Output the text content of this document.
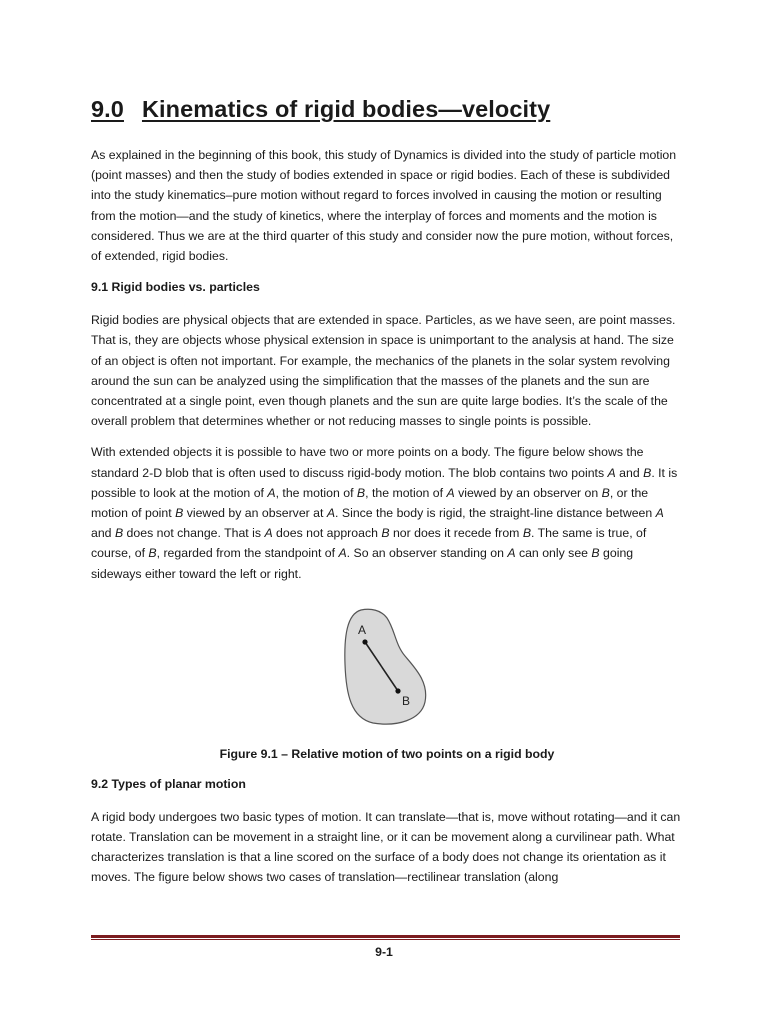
9.0 Kinematics of rigid bodies—velocity

As explained in the beginning of this book, this study of Dynamics is divided into the study of particle motion (point masses) and then the study of bodies extended in space or rigid bodies. Each of these is subdivided into the study kinematics–pure motion without regard to forces involved in causing the motion or resulting from the motion—and the study of kinetics, where the interplay of forces and moments and the motion is considered. Thus we are at the third quarter of this study and consider now the pure motion, without forces, of extended, rigid bodies.

9.1 Rigid bodies vs. particles

Rigid bodies are physical objects that are extended in space. Particles, as we have seen, are point masses. That is, they are objects whose physical extension in space is unimportant to the analysis at hand. The size of an object is often not important. For example, the mechanics of the planets in the solar system revolving around the sun can be analyzed using the simplification that the masses of the planets and the sun are concentrated at a single point, even though planets and the sun are quite large bodies. It’s the scale of the overall problem that determines whether or not reducing masses to single points is possible.

With extended objects it is possible to have two or more points on a body. The figure below shows the standard 2-D blob that is often used to discuss rigid-body motion. The blob contains two points A and B. It is possible to look at the motion of A, the motion of B, the motion of A viewed by an observer on B, or the motion of point B viewed by an observer at A. Since the body is rigid, the straight-line distance between A and B does not change. That is A does not approach B nor does it recede from B. The same is true, of course, of B, regarded from the standpoint of A. So an observer standing on A can only see B going sideways either toward the left or right.

A
B
Figure 9.1 – Relative motion of two points on a rigid body
9.2 Types of planar motion

A rigid body undergoes two basic types of motion. It can translate—that is, move without rotating—and it can rotate. Translation can be movement in a straight line, or it can be movement along a curvilinear path. What characterizes translation is that a line scored on the surface of a body does not change its orientation as it moves. The figure below shows two cases of translation—rectilinear translation (along

9-1
